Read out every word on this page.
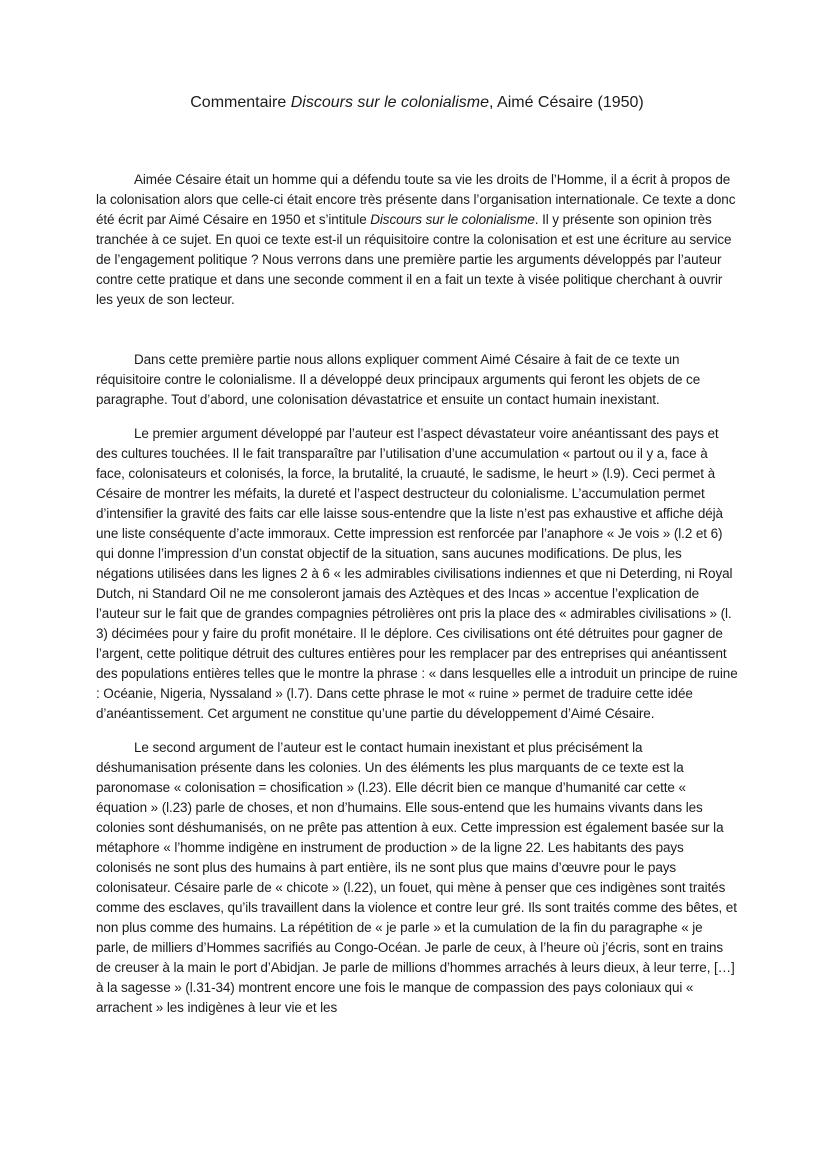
Commentaire Discours sur le colonialisme, Aimé Césaire (1950)

Aimée Césaire était un homme qui a défendu toute sa vie les droits de l’Homme, il a écrit à propos de la colonisation alors que celle-ci était encore très présente dans l’organisation internationale. Ce texte a donc été écrit par Aimé Césaire en 1950 et s’intitule Discours sur le colonialisme. Il y présente son opinion très tranchée à ce sujet. En quoi ce texte est-il un réquisitoire contre la colonisation et est une écriture au service de l’engagement politique ? Nous verrons dans une première partie les arguments développés par l’auteur contre cette pratique et dans une seconde comment il en a fait un texte à visée politique cherchant à ouvrir les yeux de son lecteur.

Dans cette première partie nous allons expliquer comment Aimé Césaire à fait de ce texte un réquisitoire contre le colonialisme. Il a développé deux principaux arguments qui feront les objets de ce paragraphe. Tout d’abord, une colonisation dévastatrice et ensuite un contact humain inexistant.

Le premier argument développé par l’auteur est l’aspect dévastateur voire anéantissant des pays et des cultures touchées. Il le fait transparaître par l’utilisation d’une accumulation « partout ou il y a, face à face, colonisateurs et colonisés, la force, la brutalité, la cruauté, le sadisme, le heurt » (l.9). Ceci permet à Césaire de montrer les méfaits, la dureté et l’aspect destructeur du colonialisme. L’accumulation permet d’intensifier la gravité des faits car elle laisse sous-entendre que la liste n’est pas exhaustive et affiche déjà une liste conséquente d’acte immoraux. Cette impression est renforcée par l’anaphore « Je vois » (l.2 et 6) qui donne l’impression d’un constat objectif de la situation, sans aucunes modifications. De plus, les négations utilisées dans les lignes 2 à 6 « les admirables civilisations indiennes et que ni Deterding, ni Royal Dutch, ni Standard Oil ne me consoleront jamais des Aztèques et des Incas » accentue l’explication de l’auteur sur le fait que de grandes compagnies pétrolières ont pris la place des « admirables civilisations » (l. 3) décimées pour y faire du profit monétaire. Il le déplore. Ces civilisations ont été détruites pour gagner de l’argent, cette politique détruit des cultures entières pour les remplacer par des entreprises qui anéantissent des populations entières telles que le montre la phrase : « dans lesquelles elle a introduit un principe de ruine : Océanie, Nigeria, Nyssaland » (l.7). Dans cette phrase le mot « ruine » permet de traduire cette idée d’anéantissement. Cet argument ne constitue qu’une partie du développement d’Aimé Césaire.

Le second argument de l’auteur est le contact humain inexistant et plus précisément la déshumanisation présente dans les colonies. Un des éléments les plus marquants de ce texte est la paronomase « colonisation = chosification » (l.23). Elle décrit bien ce manque d’humanité car cette « équation » (l.23) parle de choses, et non d’humains. Elle sous-entend que les humains vivants dans les colonies sont déshumanisés, on ne prête pas attention à eux. Cette impression est également basée sur la métaphore « l’homme indigène en instrument de production » de la ligne 22. Les habitants des pays colonisés ne sont plus des humains à part entière, ils ne sont plus que mains d’œuvre pour le pays colonisateur. Césaire parle de « chicote » (l.22), un fouet, qui mène à penser que ces indigènes sont traités comme des esclaves, qu’ils travaillent dans la violence et contre leur gré. Ils sont traités comme des bêtes, et non plus comme des humains. La répétition de « je parle » et la cumulation de la fin du paragraphe « je parle, de milliers d’Hommes sacrifiés au Congo-Océan. Je parle de ceux, à l’heure où j’écris, sont en trains de creuser à la main le port d’Abidjan. Je parle de millions d’hommes arrachés à leurs dieux, à leur terre, […] à la sagesse » (l.31-34) montrent encore une fois le manque de compassion des pays coloniaux qui « arrachent » les indigènes à leur vie et les
